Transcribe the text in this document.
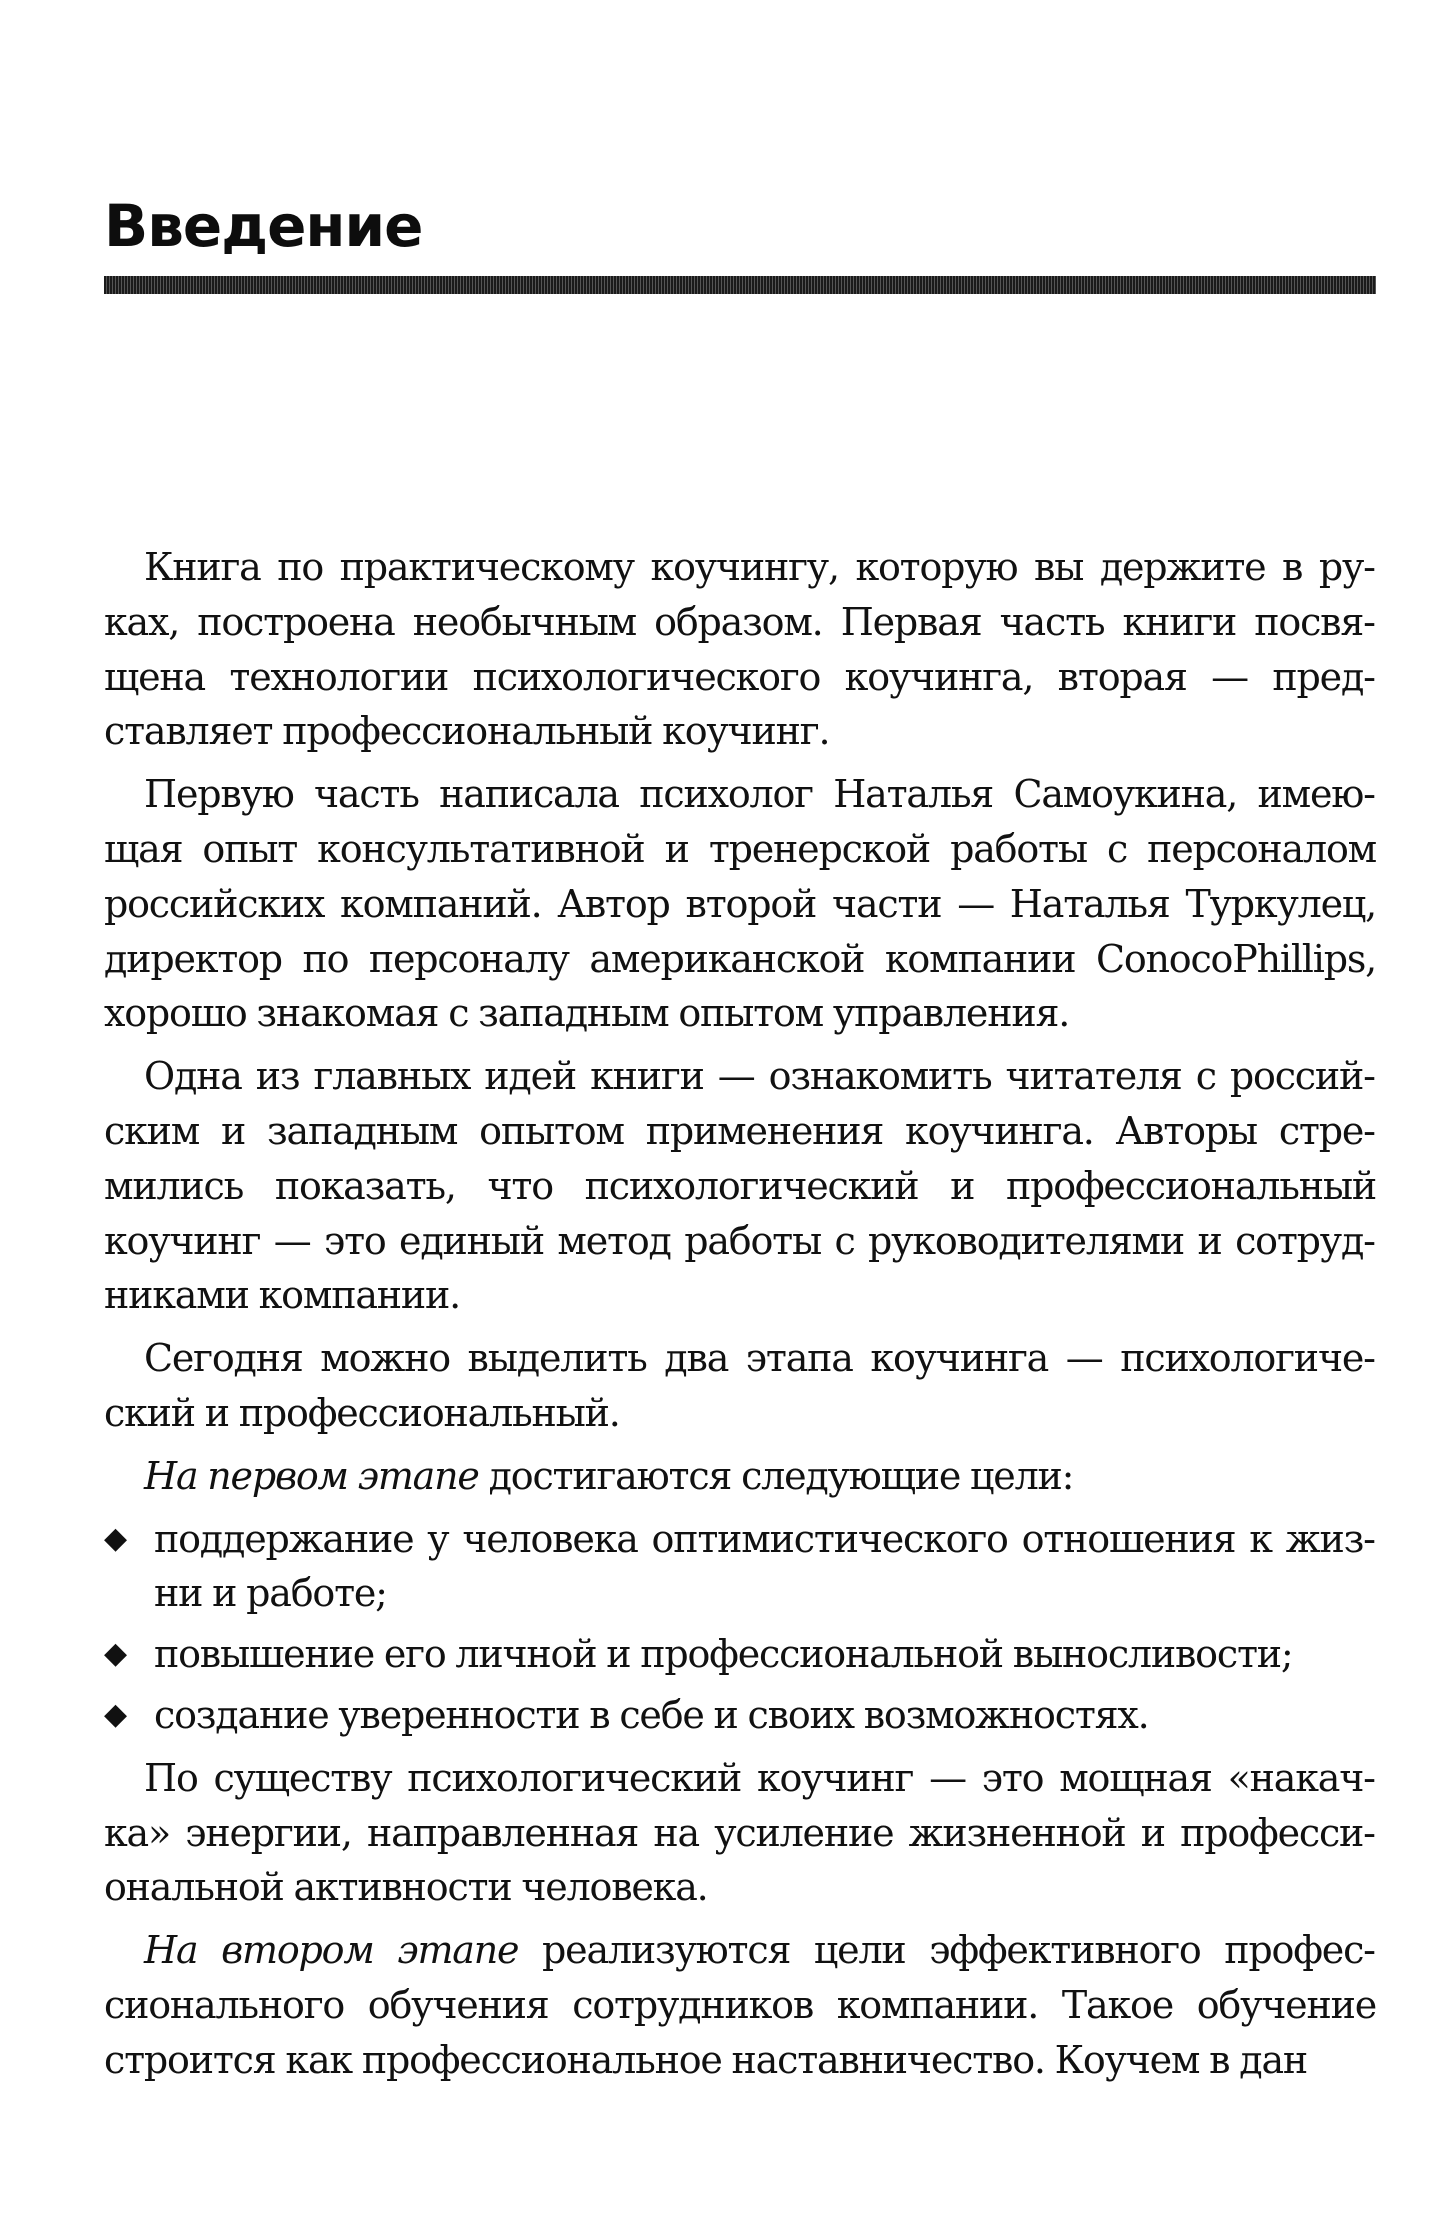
Введение

Книга по практическому коучингу, которую вы держите в руках, построена необычным образом. Первая часть книги посвящена технологии психологического коучинга, вторая — представляет профессиональный коучинг.

Первую часть написала психолог Наталья Самоукина, имеющая опыт консультативной и тренерской работы с персоналом российских компаний. Автор второй части — Наталья Туркулец, директор по персоналу американской компании ConocoPhillips, хорошо знакомая с западным опытом управления.

Одна из главных идей книги — ознакомить читателя с российским и западным опытом применения коучинга. Авторы стремились показать, что психологический и профессиональный коучинг — это единый метод работы с руководителями и сотрудниками компании.

Сегодня можно выделить два этапа коучинга — психологический и профессиональный.

На первом этапе достигаются следующие цели:

◆ поддержание у человека оптимистического отношения к жизни и работе;
◆ повышение его личной и профессиональной выносливости;
◆ создание уверенности в себе и своих возможностях.

По существу психологический коучинг — это мощная «накачка» энергии, направленная на усиление жизненной и профессиональной активности человека.

На втором этапе реализуются цели эффективного профессионального обучения сотрудников компании. Такое обучение строится как профессиональное наставничество. Коучем в дан
